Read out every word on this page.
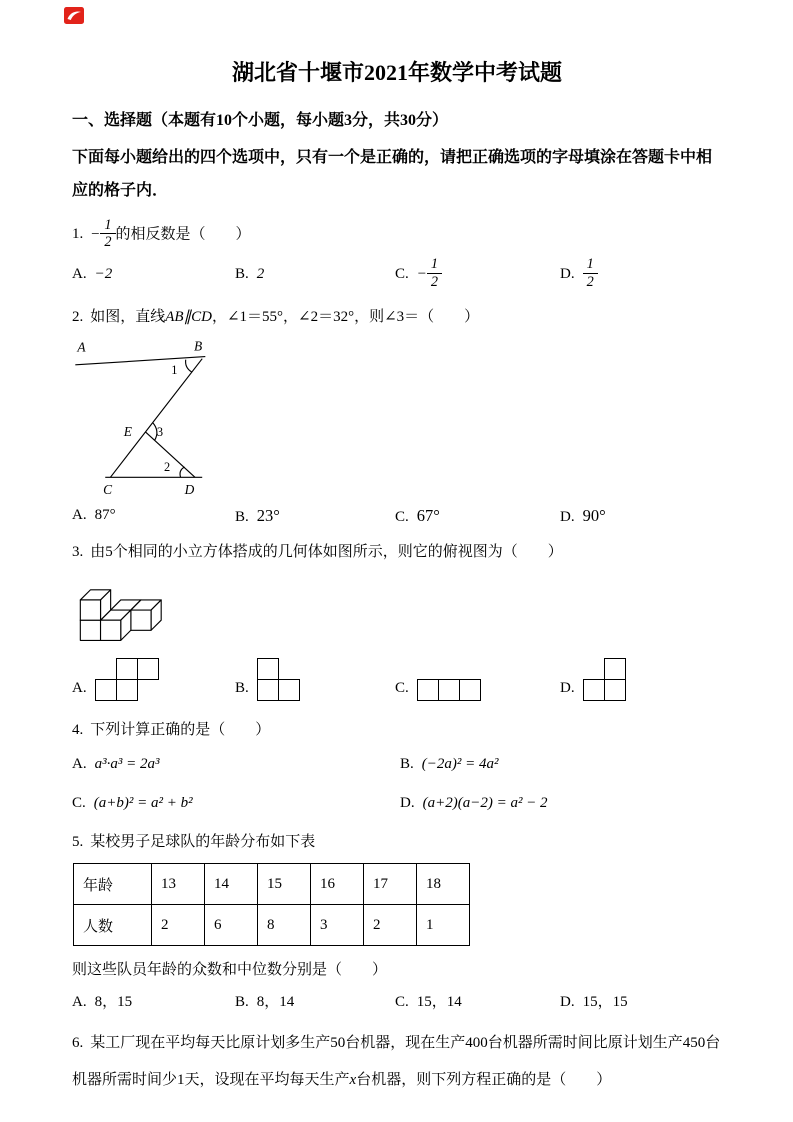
湖北省十堰市2021年数学中考试题

一、选择题（本题有10个小题，每小题3分，共30分）

下面每小题给出的四个选项中，只有一个是正确的，请把正确选项的字母填涂在答题卡中相应的格子内．

1. − $\frac{1}{2}$ 的相反数是（　　）

A. −2	B. 2	C. − $\frac{1}{2}$	D. $\frac{1}{2}$

2. 如图，直线AB∥CD，∠1＝55°，∠2＝32°，则∠3＝（　　）

A	B
E
C	D
1
2
3
A. 87°	B. 23°	C. 67°	D. 90°

3. 由5个相同的小立方体搭成的几何体如图所示，则它的俯视图为（　　）

A.	B.	C.	D.

4. 下列计算正确的是（　　）

A. a³·a³ = 2a³	B. (−2a)² = 4a²
C. (a+b)² = a² + b²	D. (a+2)(a−2) = a² − 2

5. 某校男子足球队的年龄分布如下表

年龄	13	14	15	16	17	18
人数	2	6	8	3	2	1

则这些队员年龄的众数和中位数分别是（　　）

A. 8，15	B. 8，14	C. 15，14	D. 15，15

6. 某工厂现在平均每天比原计划多生产50台机器，现在生产400台机器所需时间比原计划生产450台机器所需时间少1天，设现在平均每天生产x台机器，则下列方程正确的是（　　）
